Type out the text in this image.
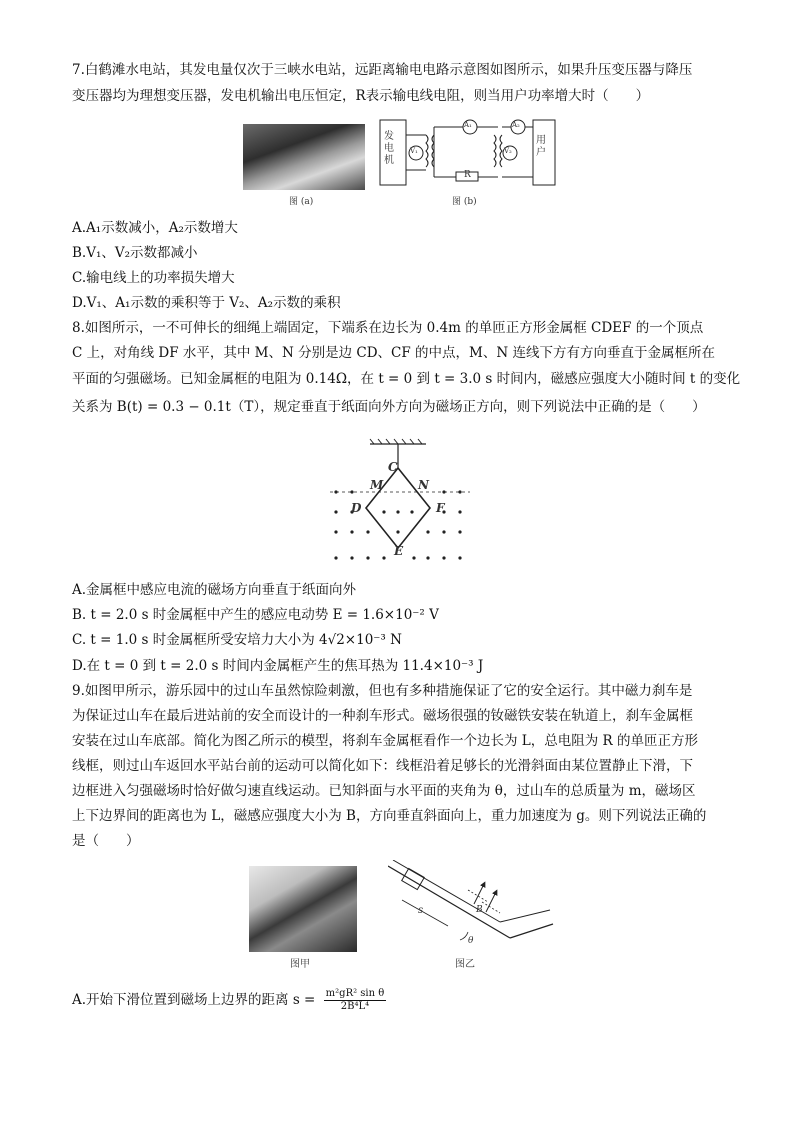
7.白鹤滩水电站，其发电量仅次于三峡水电站，远距离输电电路示意图如图所示，如果升压变压器与降压
变压器均为理想变压器，发电机输出电压恒定，R表示输电线电阻，则当用户功率增大时（　　）
图 (a)
发电机
用户
R
V₁
A₁	A₂
V₂
图 (b)
A.A₁示数减小，A₂示数增大
B.V₁、V₂示数都减小
C.输电线上的功率损失增大
D.V₁、A₁示数的乘积等于 V₂、A₂示数的乘积
8.如图所示，一不可伸长的细绳上端固定，下端系在边长为 0.4m 的单匝正方形金属框 CDEF 的一个顶点
C 上，对角线 DF 水平，其中 M、N 分别是边 CD、CF 的中点，M、N 连线下方有方向垂直于金属框所在
平面的匀强磁场。已知金属框的电阻为 0.14Ω，在 t = 0 到 t = 3.0 s 时间内，磁感应强度大小随时间 t 的变化
关系为 B(t) = 0.3 − 0.1t（T），规定垂直于纸面向外方向为磁场正方向，则下列说法中正确的是（　　）
C
M	N
D	F
E
A.金属框中感应电流的磁场方向垂直于纸面向外
B. t = 2.0 s 时金属框中产生的感应电动势 E = 1.6×10⁻² V
C. t = 1.0 s 时金属框所受安培力大小为 4√2×10⁻³ N
D.在 t = 0 到 t = 2.0 s 时间内金属框产生的焦耳热为 11.4×10⁻³ J
9.如图甲所示，游乐园中的过山车虽然惊险刺激，但也有多种措施保证了它的安全运行。其中磁力刹车是
为保证过山车在最后进站前的安全而设计的一种刹车形式。磁场很强的钕磁铁安装在轨道上，刹车金属框
安装在过山车底部。简化为图乙所示的模型，将刹车金属框看作一个边长为 L，总电阻为 R 的单匝正方形
线框，则过山车返回水平站台前的运动可以简化如下：线框沿着足够长的光滑斜面由某位置静止下滑，下
边框进入匀强磁场时恰好做匀速直线运动。已知斜面与水平面的夹角为 θ，过山车的总质量为 m，磁场区
上下边界间的距离也为 L，磁感应强度大小为 B，方向垂直斜面向上，重力加速度为 g。则下列说法正确的
是（　　）
图甲
s	B
θ
图乙
A.开始下滑位置到磁场上边界的距离 $s = \frac{\text{m²gR² sin θ}}{\text{2B⁴L⁴}}$
